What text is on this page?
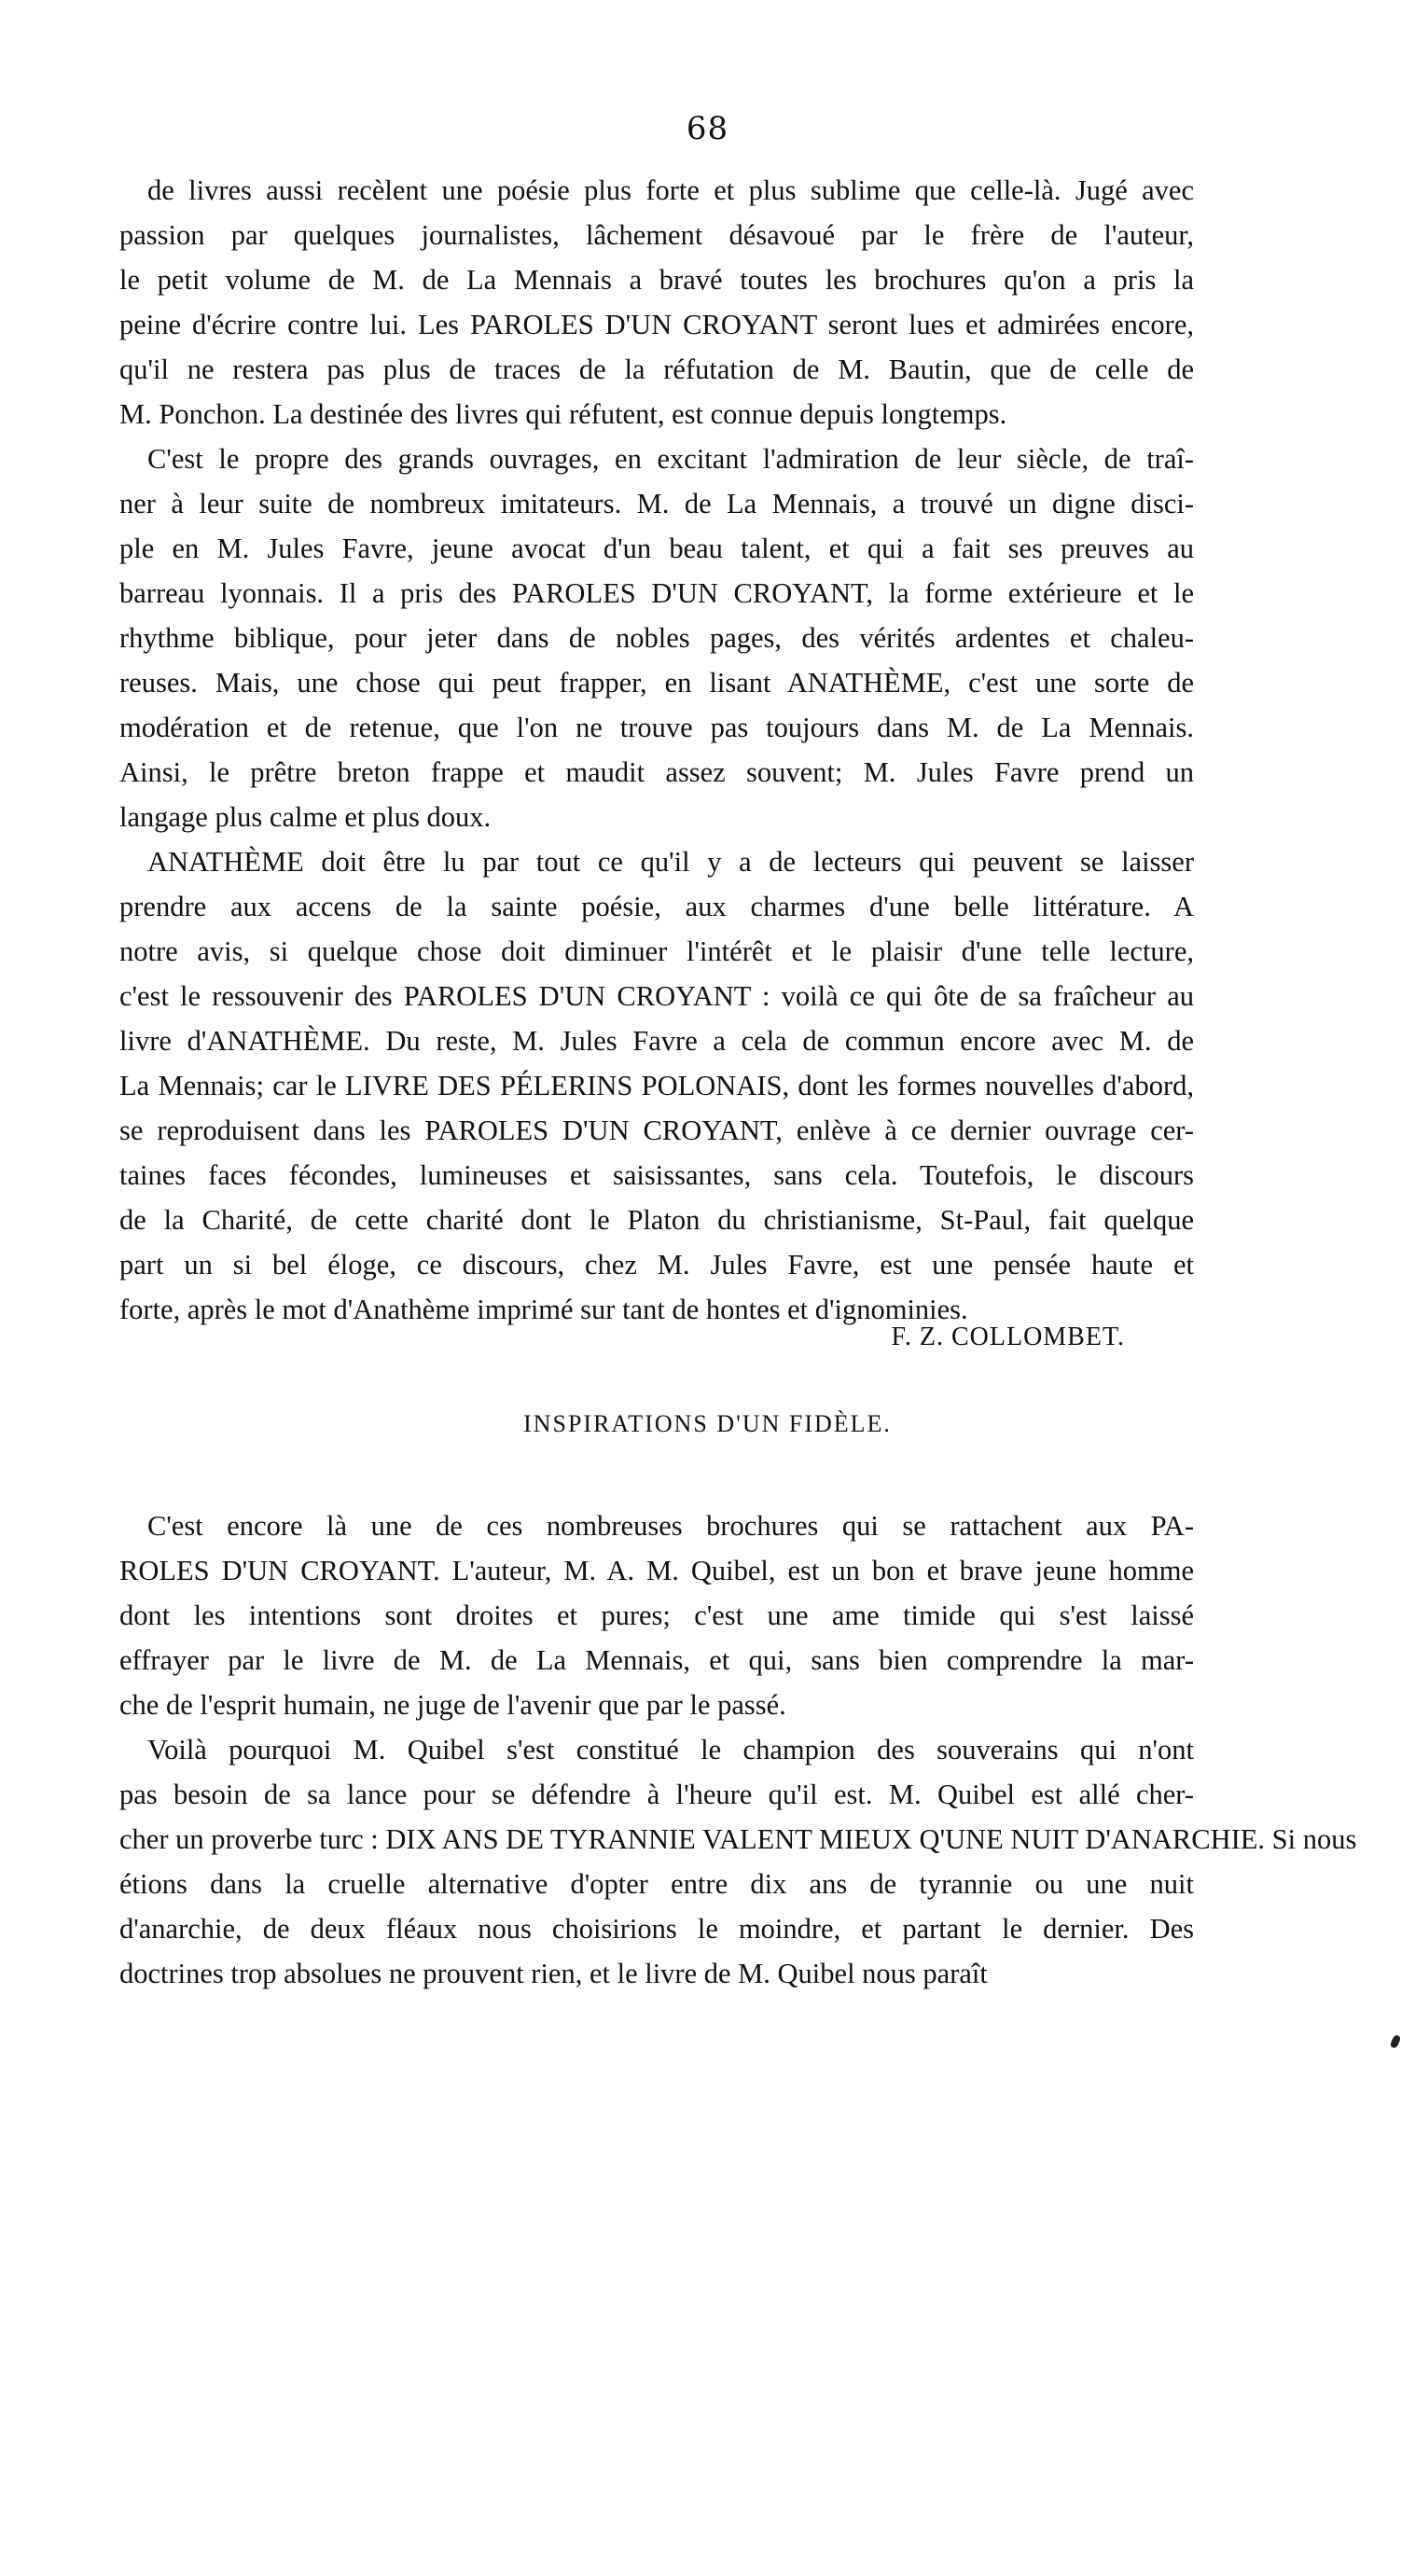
68
de livres aussi recèlent une poésie plus forte et plus sublime que celle-là. Jugé avec
passion par quelques journalistes, lâchement désavoué par le frère de l'auteur,
le petit volume de M. de La Mennais a bravé toutes les brochures qu'on a pris la
peine d'écrire contre lui. Les PAROLES D'UN CROYANT seront lues et admirées encore,
qu'il ne restera pas plus de traces de la réfutation de M. Bautin, que de celle de
M. Ponchon. La destinée des livres qui réfutent, est connue depuis longtemps.
C'est le propre des grands ouvrages, en excitant l'admiration de leur siècle, de traî-
ner à leur suite de nombreux imitateurs. M. de La Mennais, a trouvé un digne disci-
ple en M. Jules Favre, jeune avocat d'un beau talent, et qui a fait ses preuves au
barreau lyonnais. Il a pris des PAROLES D'UN CROYANT, la forme extérieure et le
rhythme biblique, pour jeter dans de nobles pages, des vérités ardentes et chaleu-
reuses. Mais, une chose qui peut frapper, en lisant ANATHÈME, c'est une sorte de
modération et de retenue, que l'on ne trouve pas toujours dans M. de La Mennais.
Ainsi, le prêtre breton frappe et maudit assez souvent; M. Jules Favre prend un
langage plus calme et plus doux.
ANATHÈME doit être lu par tout ce qu'il y a de lecteurs qui peuvent se laisser
prendre aux accens de la sainte poésie, aux charmes d'une belle littérature. A
notre avis, si quelque chose doit diminuer l'intérêt et le plaisir d'une telle lecture,
c'est le ressouvenir des PAROLES D'UN CROYANT : voilà ce qui ôte de sa fraîcheur au
livre d'ANATHÈME. Du reste, M. Jules Favre a cela de commun encore avec M. de
La Mennais; car le LIVRE DES PÉLERINS POLONAIS, dont les formes nouvelles d'abord,
se reproduisent dans les PAROLES D'UN CROYANT, enlève à ce dernier ouvrage cer-
taines faces fécondes, lumineuses et saisissantes, sans cela. Toutefois, le discours
de la Charité, de cette charité dont le Platon du christianisme, St-Paul, fait quelque
part un si bel éloge, ce discours, chez M. Jules Favre, est une pensée haute et
forte, après le mot d'Anathème imprimé sur tant de hontes et d'ignominies.
F. Z. COLLOMBET.
INSPIRATIONS D'UN FIDÈLE.
C'est encore là une de ces nombreuses brochures qui se rattachent aux PA-
ROLES D'UN CROYANT. L'auteur, M. A. M. Quibel, est un bon et brave jeune homme
dont les intentions sont droites et pures; c'est une ame timide qui s'est laissé
effrayer par le livre de M. de La Mennais, et qui, sans bien comprendre la mar-
che de l'esprit humain, ne juge de l'avenir que par le passé.
Voilà pourquoi M. Quibel s'est constitué le champion des souverains qui n'ont
pas besoin de sa lance pour se défendre à l'heure qu'il est. M. Quibel est allé cher-
cher un proverbe turc : DIX ANS DE TYRANNIE VALENT MIEUX Q'UNE NUIT D'ANARCHIE. Si nous
étions dans la cruelle alternative d'opter entre dix ans de tyrannie ou une nuit
d'anarchie, de deux fléaux nous choisirions le moindre, et partant le dernier. Des
doctrines trop absolues ne prouvent rien, et le livre de M. Quibel nous paraît
